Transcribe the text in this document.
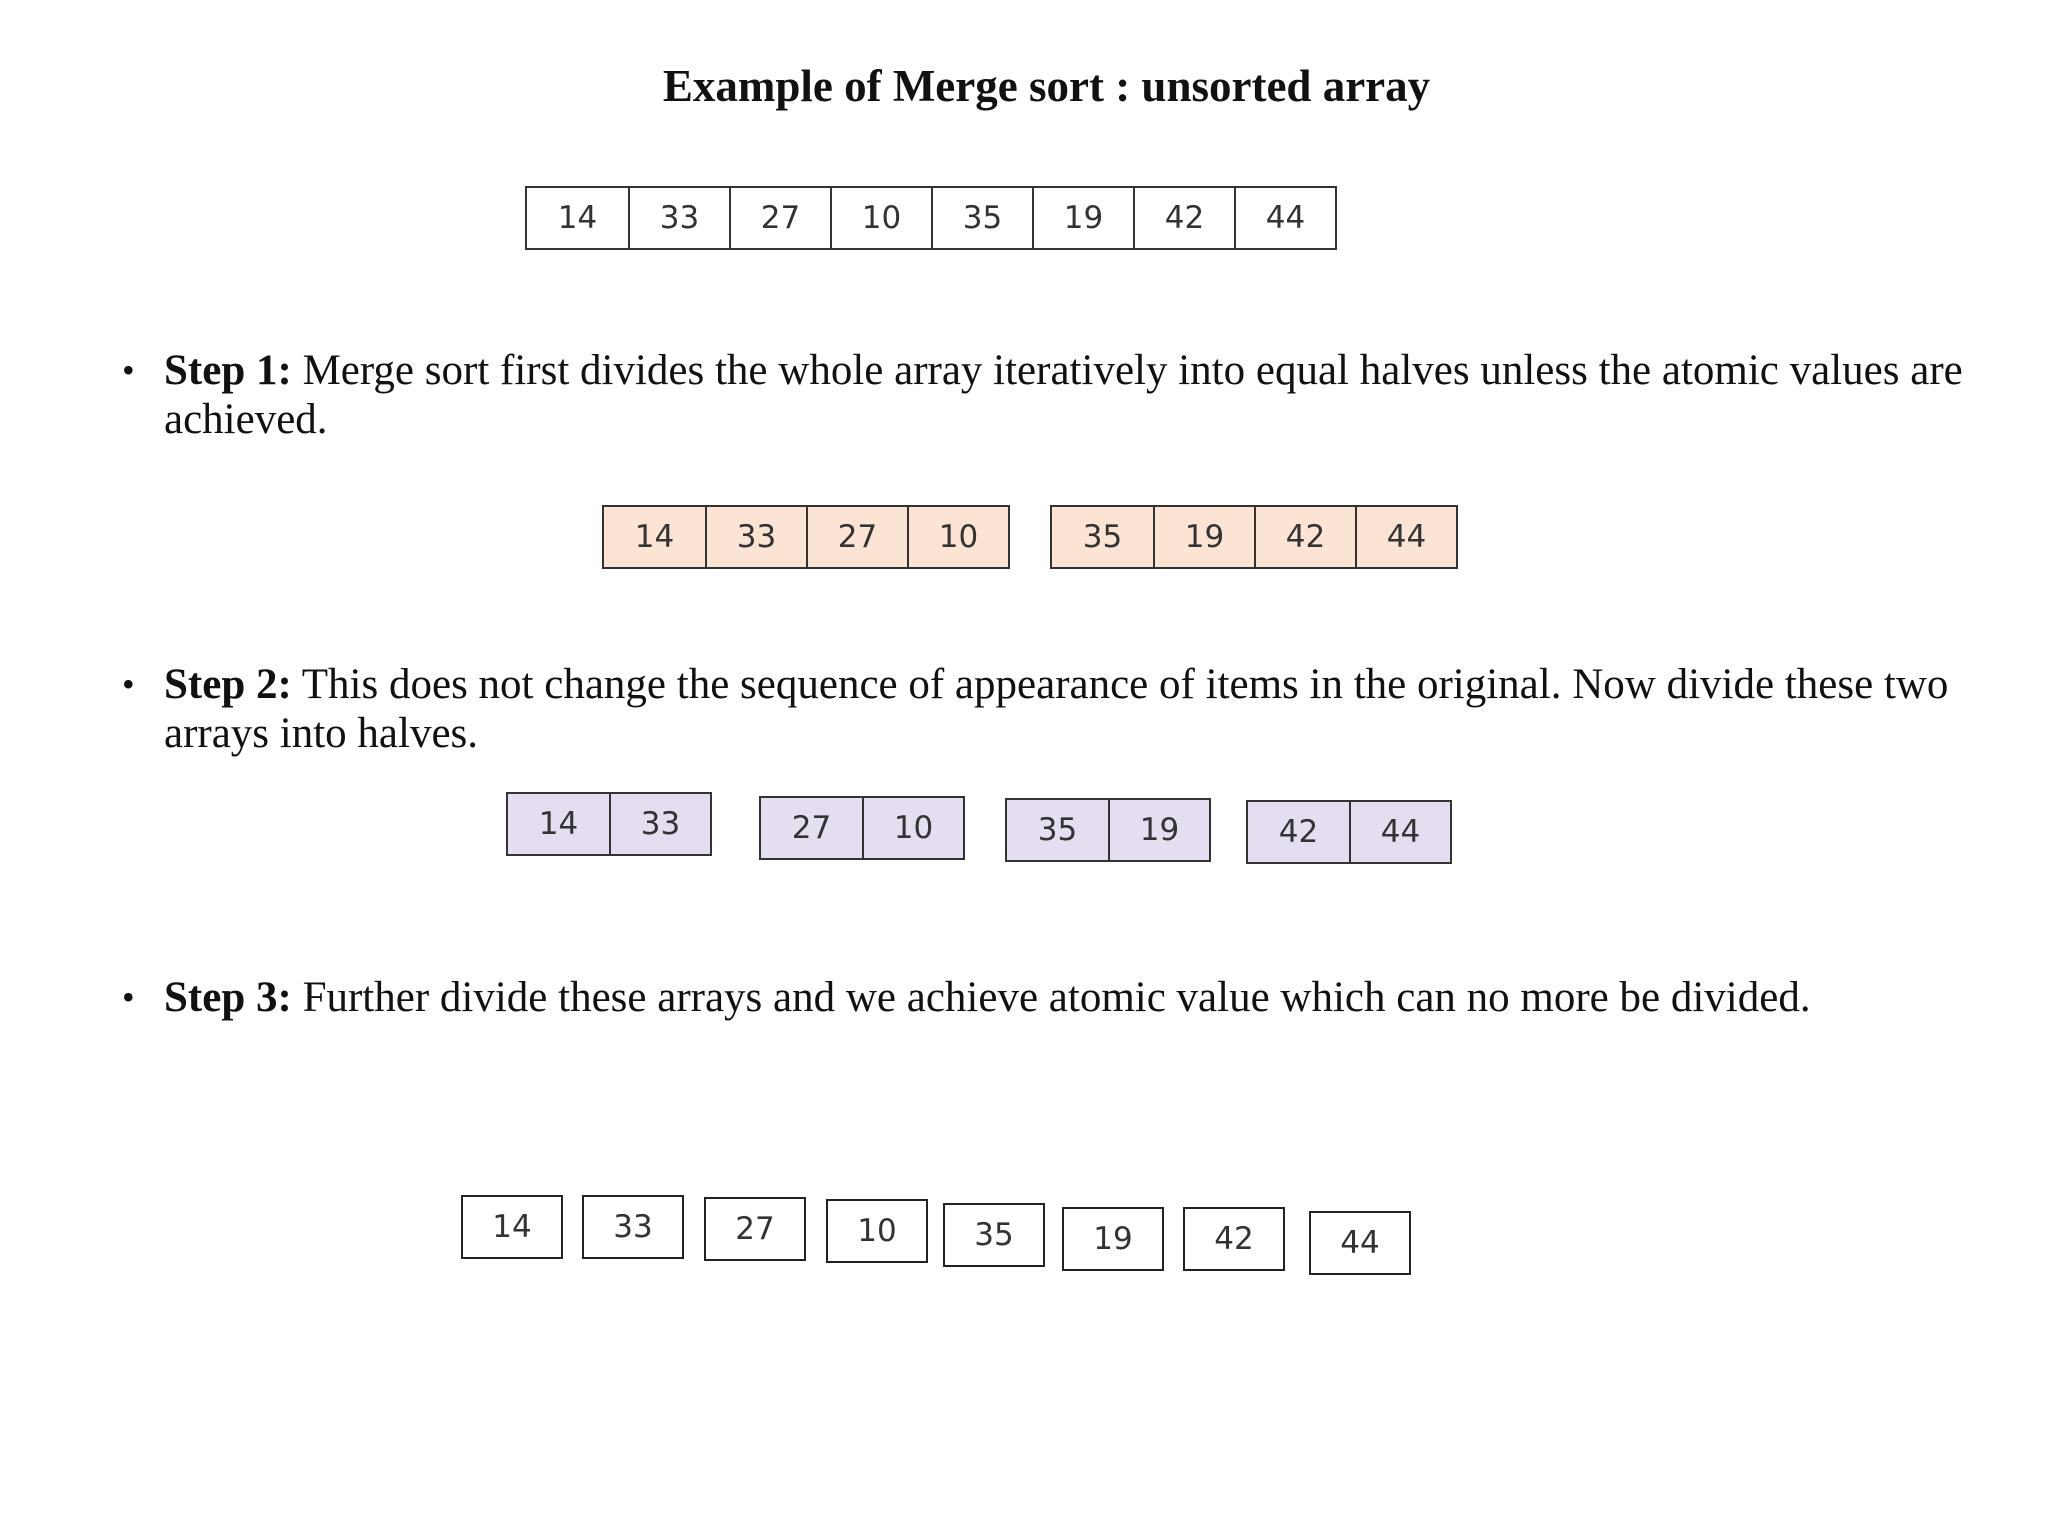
Example of Merge sort : unsorted array
14	33	27	10	35	19	42	44
• Step 1: Merge sort first divides the whole array iteratively into equal halves unless the atomic values are achieved.
14	33	27	10	35	19	42	44
• Step 2: This does not change the sequence of appearance of items in the original. Now divide these two arrays into halves.
14	33	27	10	35	19	42	44
• Step 3: Further divide these arrays and we achieve atomic value which can no more be divided.
14	33	27	10	35	19	42	44
